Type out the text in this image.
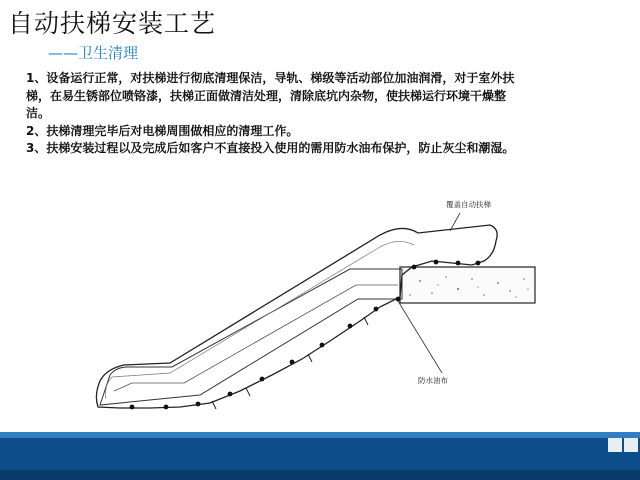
自动扶梯安装工艺
——卫生清理

1、设备运行正常，对扶梯进行彻底清理保洁，导轨、梯级等活动部位加油润滑，对于室外扶梯，在易生锈部位喷铬漆，扶梯正面做清洁处理，清除底坑内杂物，使扶梯运行环境干燥整洁。

2、扶梯清理完毕后对电梯周围做相应的清理工作。

3、扶梯安装过程以及完成后如客户不直接投入使用的需用防水油布保护，防止灰尘和潮湿。

覆盖自动扶梯
防水油布
